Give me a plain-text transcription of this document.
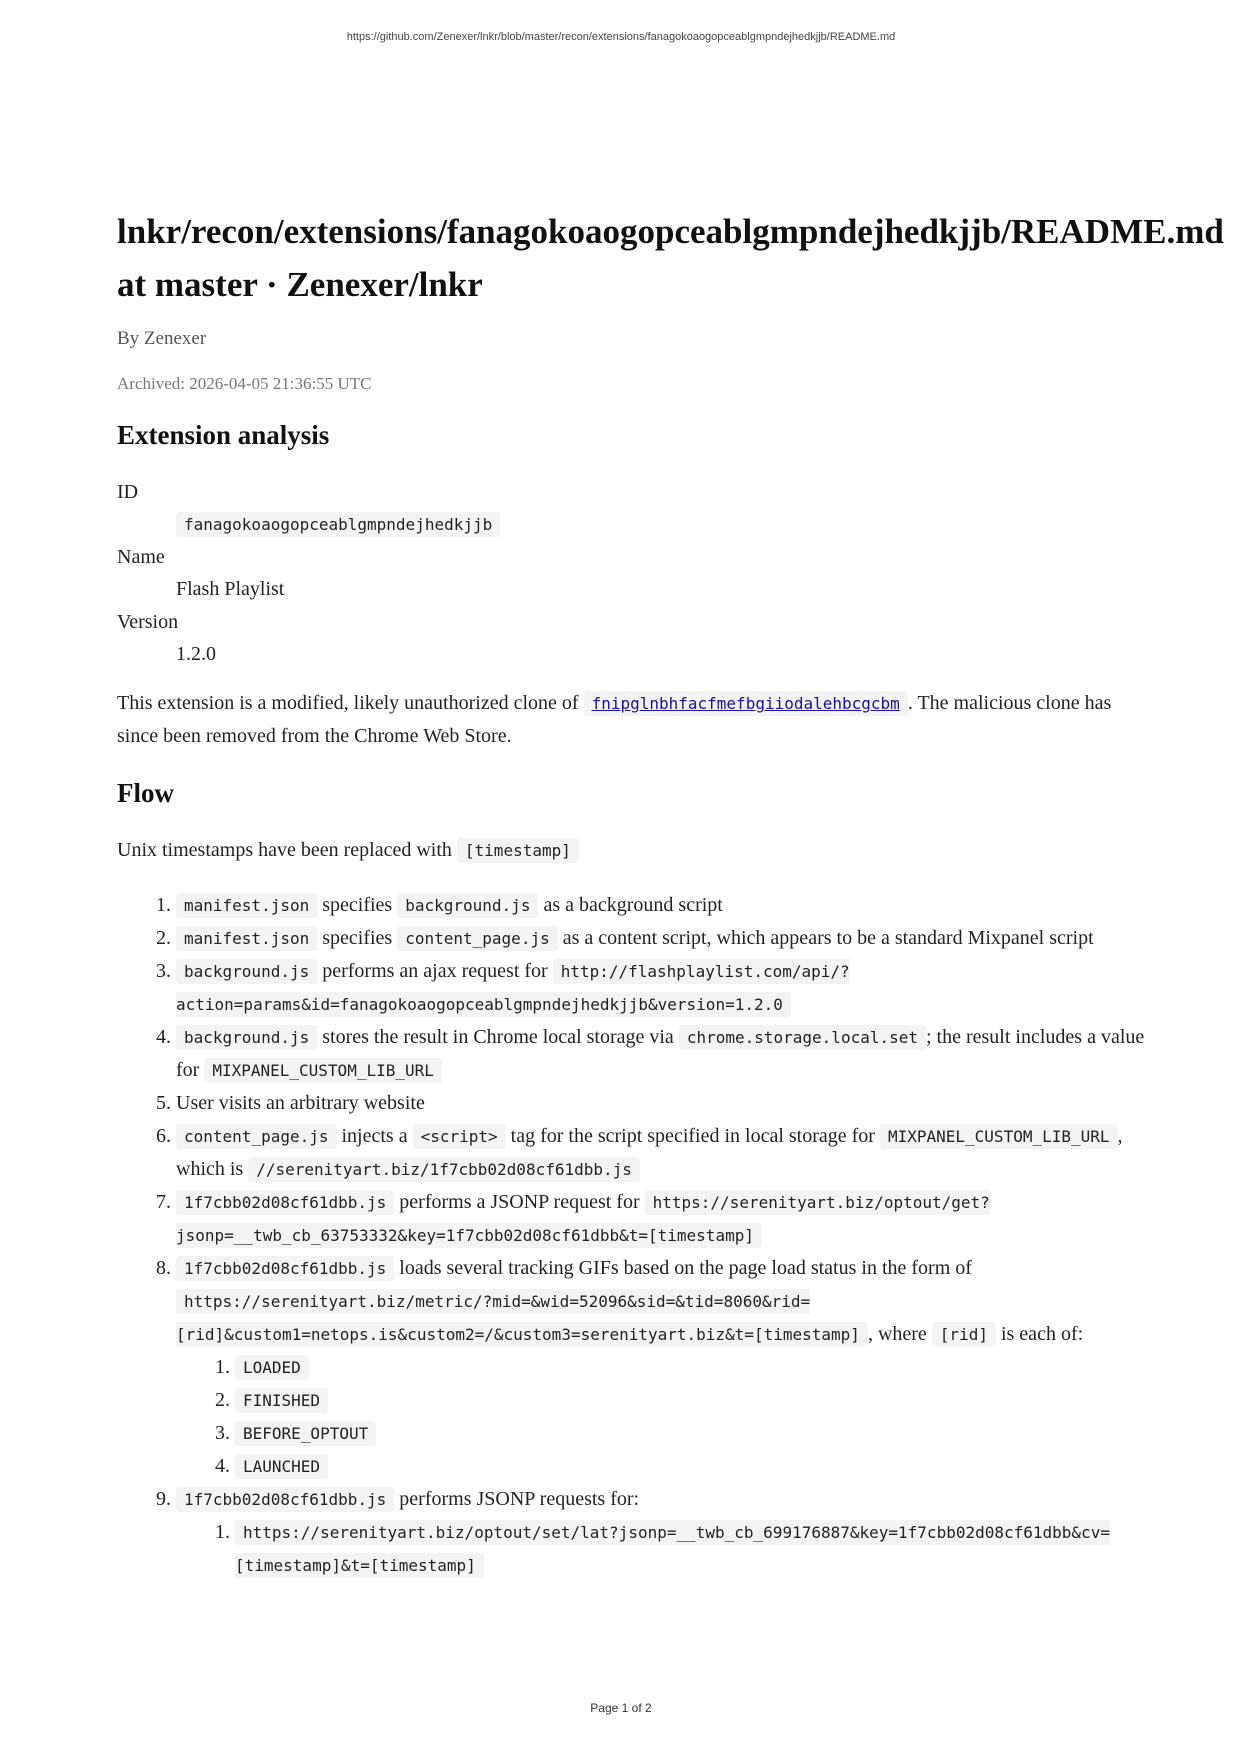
https://github.com/Zenexer/lnkr/blob/master/recon/extensions/fanagokoaogopceablgmpndejhedkjjb/README.md
lnkr/recon/extensions/fanagokoaogopceablgmpndejhedkjjb/README.md
at master · Zenexer/lnkr
By Zenexer
Archived: 2026-04-05 21:36:55 UTC
Extension analysis
ID
fanagokoaogopceablgmpndejhedkjjb
Name
Flash Playlist
Version
1.2.0

This extension is a modified, likely unauthorized clone of fnipglnbhfacfmefbgiiodalehbcgcbm . The malicious clone has since been removed from the Chrome Web Store.

Flow

Unix timestamps have been replaced with [timestamp]

1. manifest.json specifies background.js as a background script
2. manifest.json specifies content_page.js as a content script, which appears to be a standard Mixpanel script
3. background.js performs an ajax request for http://flashplaylist.com/api/?action=params&id=fanagokoaogopceablgmpndejhedkjjb&version=1.2.0
4. background.js stores the result in Chrome local storage via chrome.storage.local.set ; the result includes a value for MIXPANEL_CUSTOM_LIB_URL
5. User visits an arbitrary website
6. content_page.js injects a <script> tag for the script specified in local storage for MIXPANEL_CUSTOM_LIB_URL , which is //serenityart.biz/1f7cbb02d08cf61dbb.js
7. 1f7cbb02d08cf61dbb.js performs a JSONP request for https://serenityart.biz/optout/get?jsonp=__twb_cb_63753332&key=1f7cbb02d08cf61dbb&t=[timestamp]
8. 1f7cbb02d08cf61dbb.js loads several tracking GIFs based on the page load status in the form of https://serenityart.biz/metric/?mid=&wid=52096&sid=&tid=8060&rid=[rid]&custom1=netops.is&custom2=/&custom3=serenityart.biz&t=[timestamp] , where [rid] is each of:
1. LOADED
2. FINISHED
3. BEFORE_OPTOUT
4. LAUNCHED
9. 1f7cbb02d08cf61dbb.js performs JSONP requests for:
1. https://serenityart.biz/optout/set/lat?jsonp=__twb_cb_699176887&key=1f7cbb02d08cf61dbb&cv=[timestamp]&t=[timestamp]
Page 1 of 2
